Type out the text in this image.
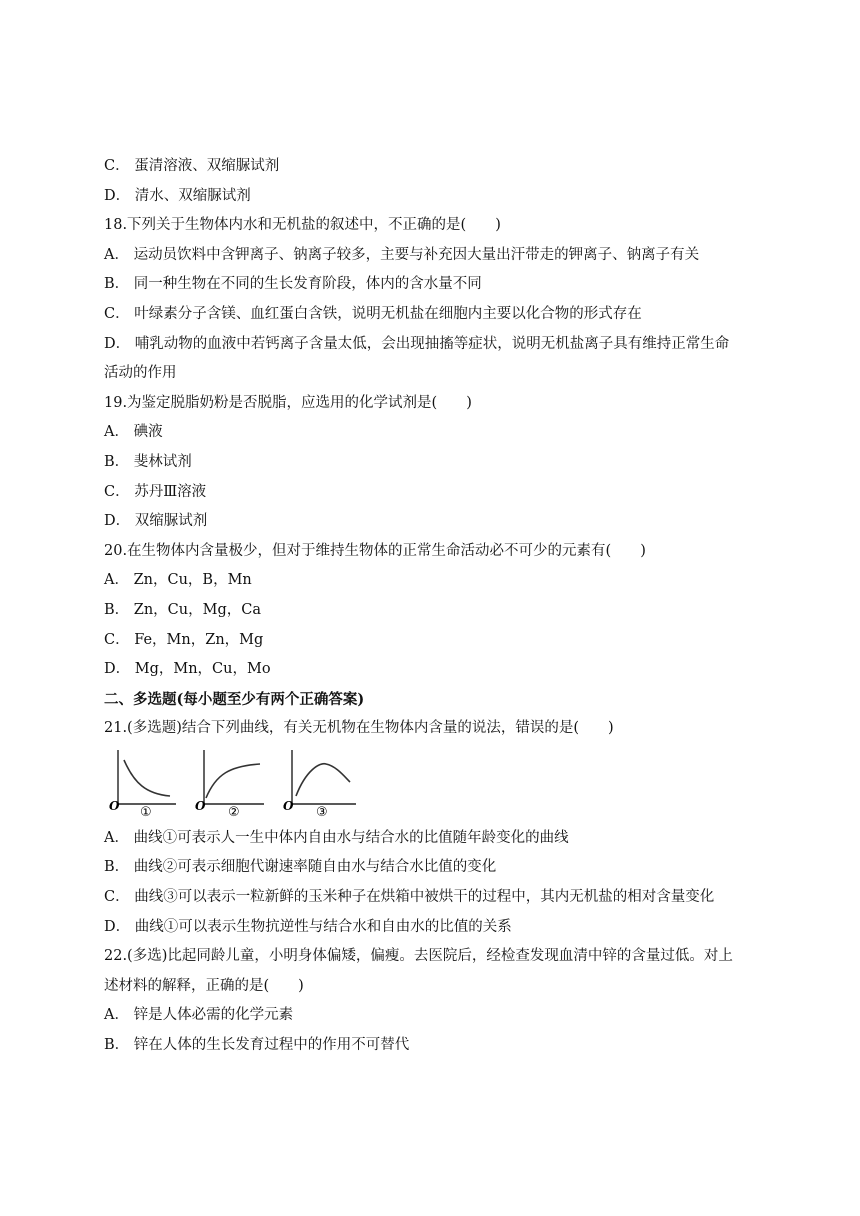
C． 蛋清溶液、双缩脲试剂
D． 清水、双缩脲试剂
18.下列关于生物体内水和无机盐的叙述中，不正确的是(　　)
A． 运动员饮料中含钾离子、钠离子较多，主要与补充因大量出汗带走的钾离子、钠离子有关
B． 同一种生物在不同的生长发育阶段，体内的含水量不同
C． 叶绿素分子含镁、血红蛋白含铁，说明无机盐在细胞内主要以化合物的形式存在
D． 哺乳动物的血液中若钙离子含量太低，会出现抽搐等症状，说明无机盐离子具有维持正常生命
活动的作用
19.为鉴定脱脂奶粉是否脱脂，应选用的化学试剂是(　　)
A． 碘液
B． 斐林试剂
C． 苏丹Ⅲ溶液
D． 双缩脲试剂
20.在生物体内含量极少，但对于维持生物体的正常生命活动必不可少的元素有(　　)
A． Zn，Cu，B，Mn
B． Zn，Cu，Mg，Ca
C． Fe，Mn，Zn，Mg
D． Mg，Mn，Cu，Mo
二、多选题(每小题至少有两个正确答案)
21.(多选题)结合下列曲线，有关无机物在生物体内含量的说法，错误的是(　　)
O ①	O ②	O ③
A． 曲线①可表示人一生中体内自由水与结合水的比值随年龄变化的曲线
B． 曲线②可表示细胞代谢速率随自由水与结合水比值的变化
C． 曲线③可以表示一粒新鲜的玉米种子在烘箱中被烘干的过程中，其内无机盐的相对含量变化
D． 曲线①可以表示生物抗逆性与结合水和自由水的比值的关系
22.(多选)比起同龄儿童，小明身体偏矮，偏瘦。去医院后，经检查发现血清中锌的含量过低。对上
述材料的解释，正确的是(　　)
A． 锌是人体必需的化学元素
B． 锌在人体的生长发育过程中的作用不可替代
